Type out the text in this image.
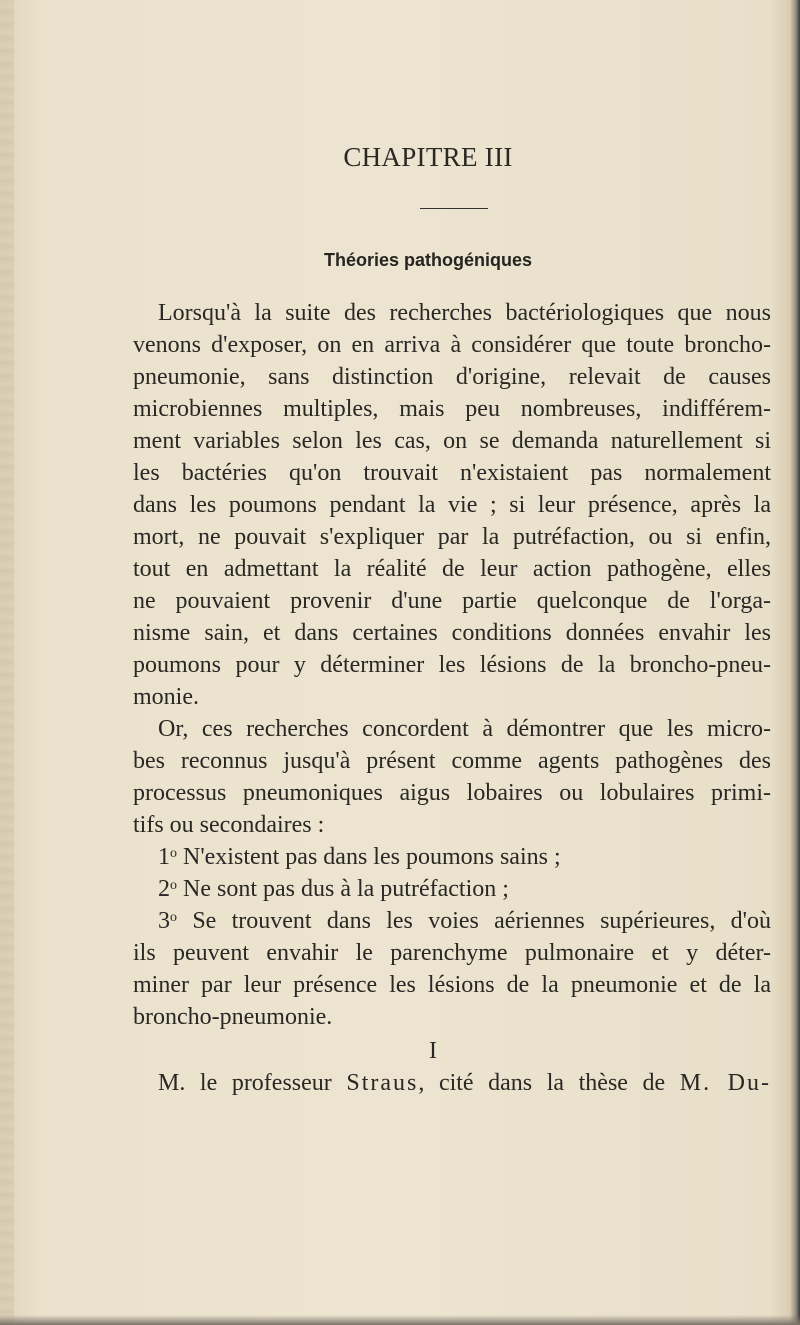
CHAPITRE III
Théories pathogéniques
Lorsqu'à la suite des recherches bactériologiques que nous
venons d'exposer, on en arriva à considérer que toute broncho-
pneumonie, sans distinction d'origine, relevait de causes
microbiennes multiples, mais peu nombreuses, indifférem-
ment variables selon les cas, on se demanda naturellement si
les bactéries qu'on trouvait n'existaient pas normalement
dans les poumons pendant la vie ; si leur présence, après la
mort, ne pouvait s'expliquer par la putréfaction, ou si enfin,
tout en admettant la réalité de leur action pathogène, elles
ne pouvaient provenir d'une partie quelconque de l'orga-
nisme sain, et dans certaines conditions données envahir les
poumons pour y déterminer les lésions de la broncho-pneu-
monie.
Or, ces recherches concordent à démontrer que les micro-
bes reconnus jusqu'à présent comme agents pathogènes des
processus pneumoniques aigus lobaires ou lobulaires primi-
tifs ou secondaires :
1$^o$ N'existent pas dans les poumons sains ;
2$^o$ Ne sont pas dus à la putréfaction ;
3$^o$ Se trouvent dans les voies aériennes supérieures, d'où
ils peuvent envahir le parenchyme pulmonaire et y déter-
miner par leur présence les lésions de la pneumonie et de la
broncho-pneumonie.
I
M. le professeur Straus, cité dans la thèse de M. Du-
